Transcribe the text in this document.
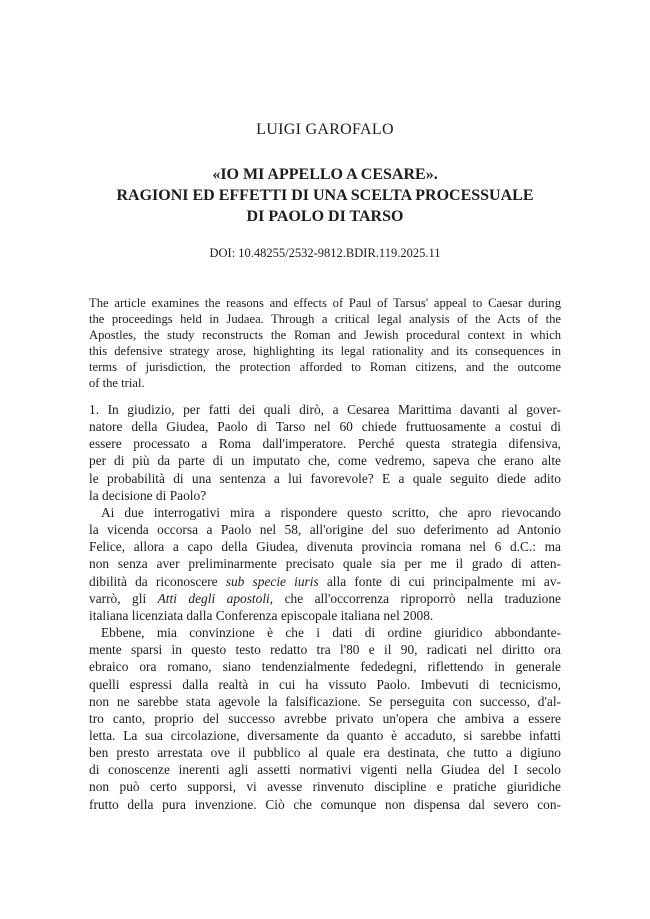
LUIGI GAROFALO
«IO MI APPELLO A CESARE».
RAGIONI ED EFFETTI DI UNA SCELTA PROCESSUALE
DI PAOLO DI TARSO
DOI: 10.48255/2532-9812.BDIR.119.2025.11
The article examines the reasons and effects of Paul of Tarsus' appeal to Caesar during
the proceedings held in Judaea. Through a critical legal analysis of the Acts of the
Apostles, the study reconstructs the Roman and Jewish procedural context in which
this defensive strategy arose, highlighting its legal rationality and its consequences in
terms of jurisdiction, the protection afforded to Roman citizens, and the outcome
of the trial.
1. In giudizio, per fatti dei quali dirò, a Cesarea Marittima davanti al gover-
natore della Giudea, Paolo di Tarso nel 60 chiede fruttuosamente a costui di
essere processato a Roma dall'imperatore. Perché questa strategia difensiva,
per di più da parte di un imputato che, come vedremo, sapeva che erano alte
le probabilità di una sentenza a lui favorevole? E a quale seguito diede adito
la decisione di Paolo?
Ai due interrogativi mira a rispondere questo scritto, che apro rievocando
la vicenda occorsa a Paolo nel 58, all'origine del suo deferimento ad Antonio
Felice, allora a capo della Giudea, divenuta provincia romana nel 6 d.C.: ma
non senza aver preliminarmente precisato quale sia per me il grado di atten-
dibilità da riconoscere sub specie iuris alla fonte di cui principalmente mi av-
varrò, gli Atti degli apostoli, che all'occorrenza riproporrò nella traduzione
italiana licenziata dalla Conferenza episcopale italiana nel 2008.
Ebbene, mia convinzione è che i dati di ordine giuridico abbondante-
mente sparsi in questo testo redatto tra l'80 e il 90, radicati nel diritto ora
ebraico ora romano, siano tendenzialmente fededegni, riflettendo in generale
quelli espressi dalla realtà in cui ha vissuto Paolo. Imbevuti di tecnicismo,
non ne sarebbe stata agevole la falsificazione. Se perseguita con successo, d'al-
tro canto, proprio del successo avrebbe privato un'opera che ambiva a essere
letta. La sua circolazione, diversamente da quanto è accaduto, si sarebbe infatti
ben presto arrestata ove il pubblico al quale era destinata, che tutto a digiuno
di conoscenze inerenti agli assetti normativi vigenti nella Giudea del I secolo
non può certo supporsi, vi avesse rinvenuto discipline e pratiche giuridiche
frutto della pura invenzione. Ciò che comunque non dispensa dal severo con-
